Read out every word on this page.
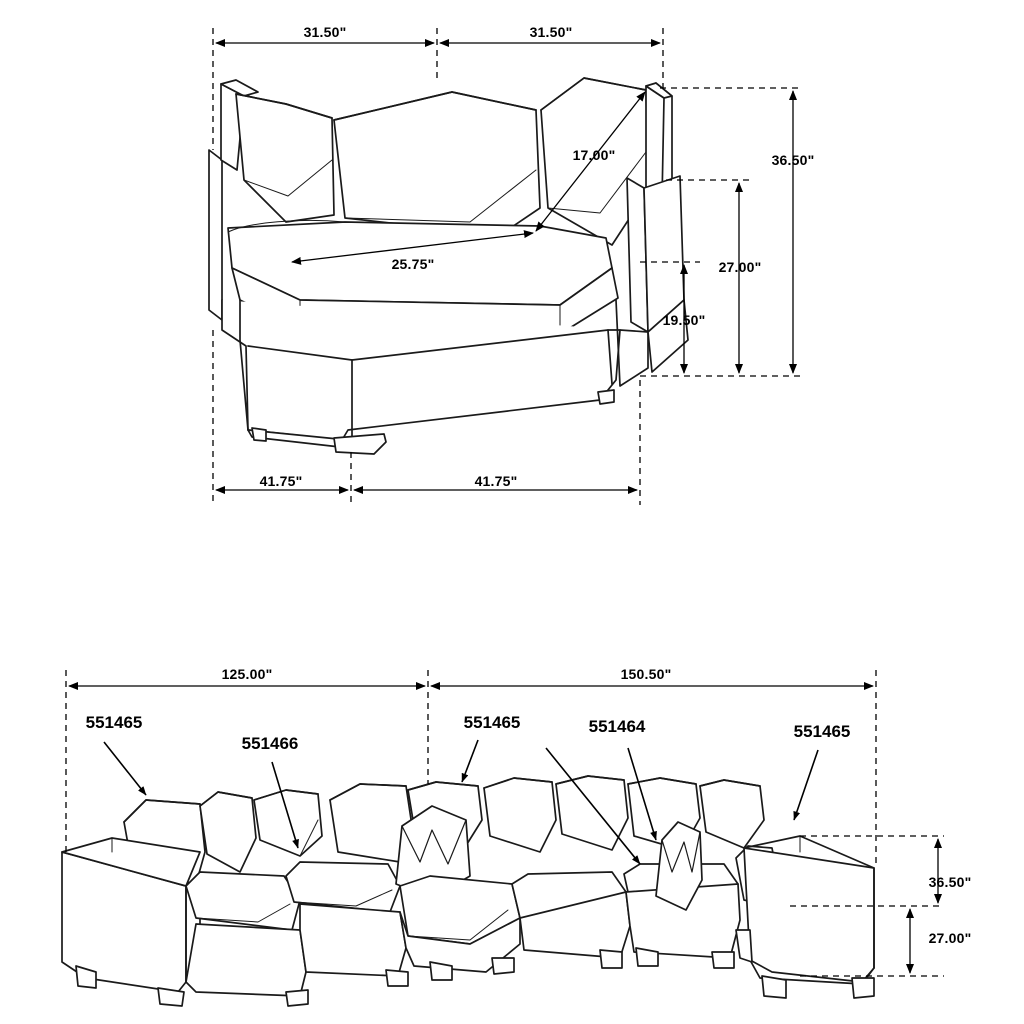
31.50"	31.50"
17.00"
25.75"
36.50"
27.00"
19.50"
41.75"	41.75"
125.00"	150.50"
36.50"
27.00"
551465
551466
551465	551464	551465
